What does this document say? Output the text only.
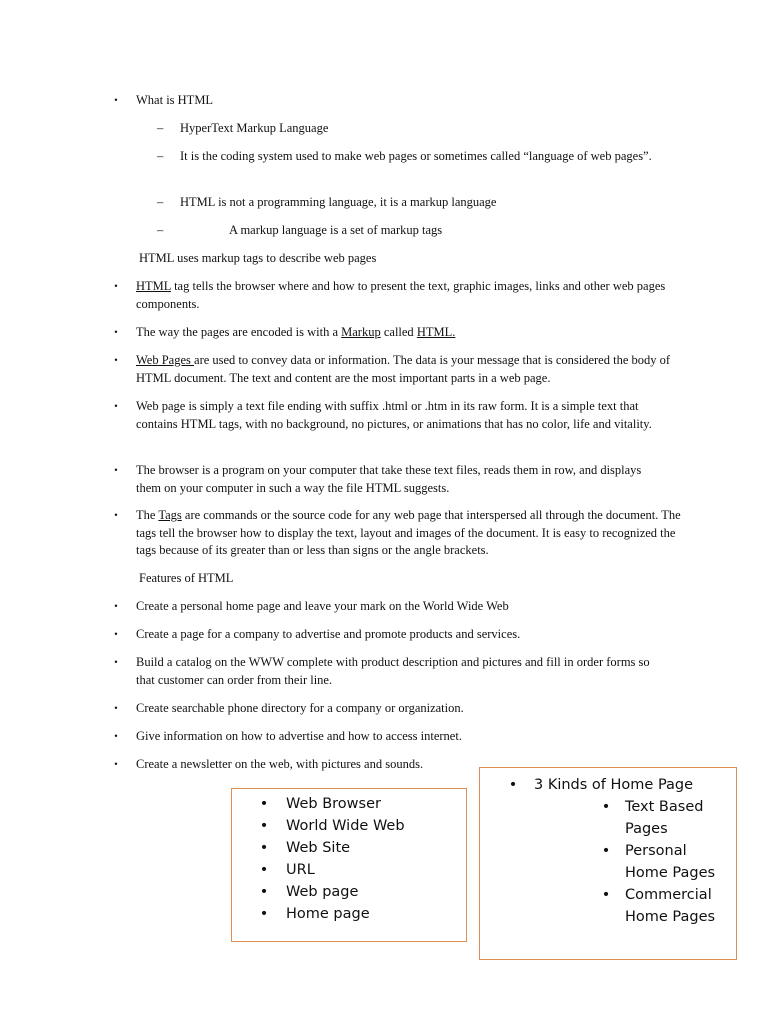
• What is HTML
–	HyperText Markup Language
–	It is the coding system used to make web pages or sometimes called “language of web pages”.
–	HTML is not a programming language, it is a markup language
–	A markup language is a set of markup tags
HTML uses markup tags to describe web pages
• HTML tag tells the browser where and how to present the text, graphic images, links and other web pages components.
• The way the pages are encoded is with a Markup called HTML.
• Web Pages are used to convey data or information. The data is your message that is considered the body of HTML document. The text and content are the most important parts in a web page.
• Web page is simply a text file ending with suffix .html or .htm in its raw form. It is a simple text that contains HTML tags, with no background, no pictures, or animations that has no color, life and vitality.
• The browser is a program on your computer that take these text files, reads them in row, and displays them on your computer in such a way the file HTML suggests.
• The Tags are commands or the source code for any web page that interspersed all through the document. The tags tell the browser how to display the text, layout and images of the document. It is easy to recognized the tags because of its greater than or less than signs or the angle brackets.
Features of HTML
• Create a personal home page and leave your mark on the World Wide Web
• Create a page for a company to advertise and promote products and services.
• Build a catalog on the WWW complete with product description and pictures and fill in order forms so that customer can order from their line.
• Create searchable phone directory for a company or organization.
• Give information on how to advertise and how to access internet.
• Create a newsletter on the web, with pictures and sounds.
• Web Browser
• World Wide Web
• Web Site
• URL
• Web page
• Home page
• 3 Kinds of Home Page
• Text Based
Pages
• Personal
Home Pages
• Commercial
Home Pages
